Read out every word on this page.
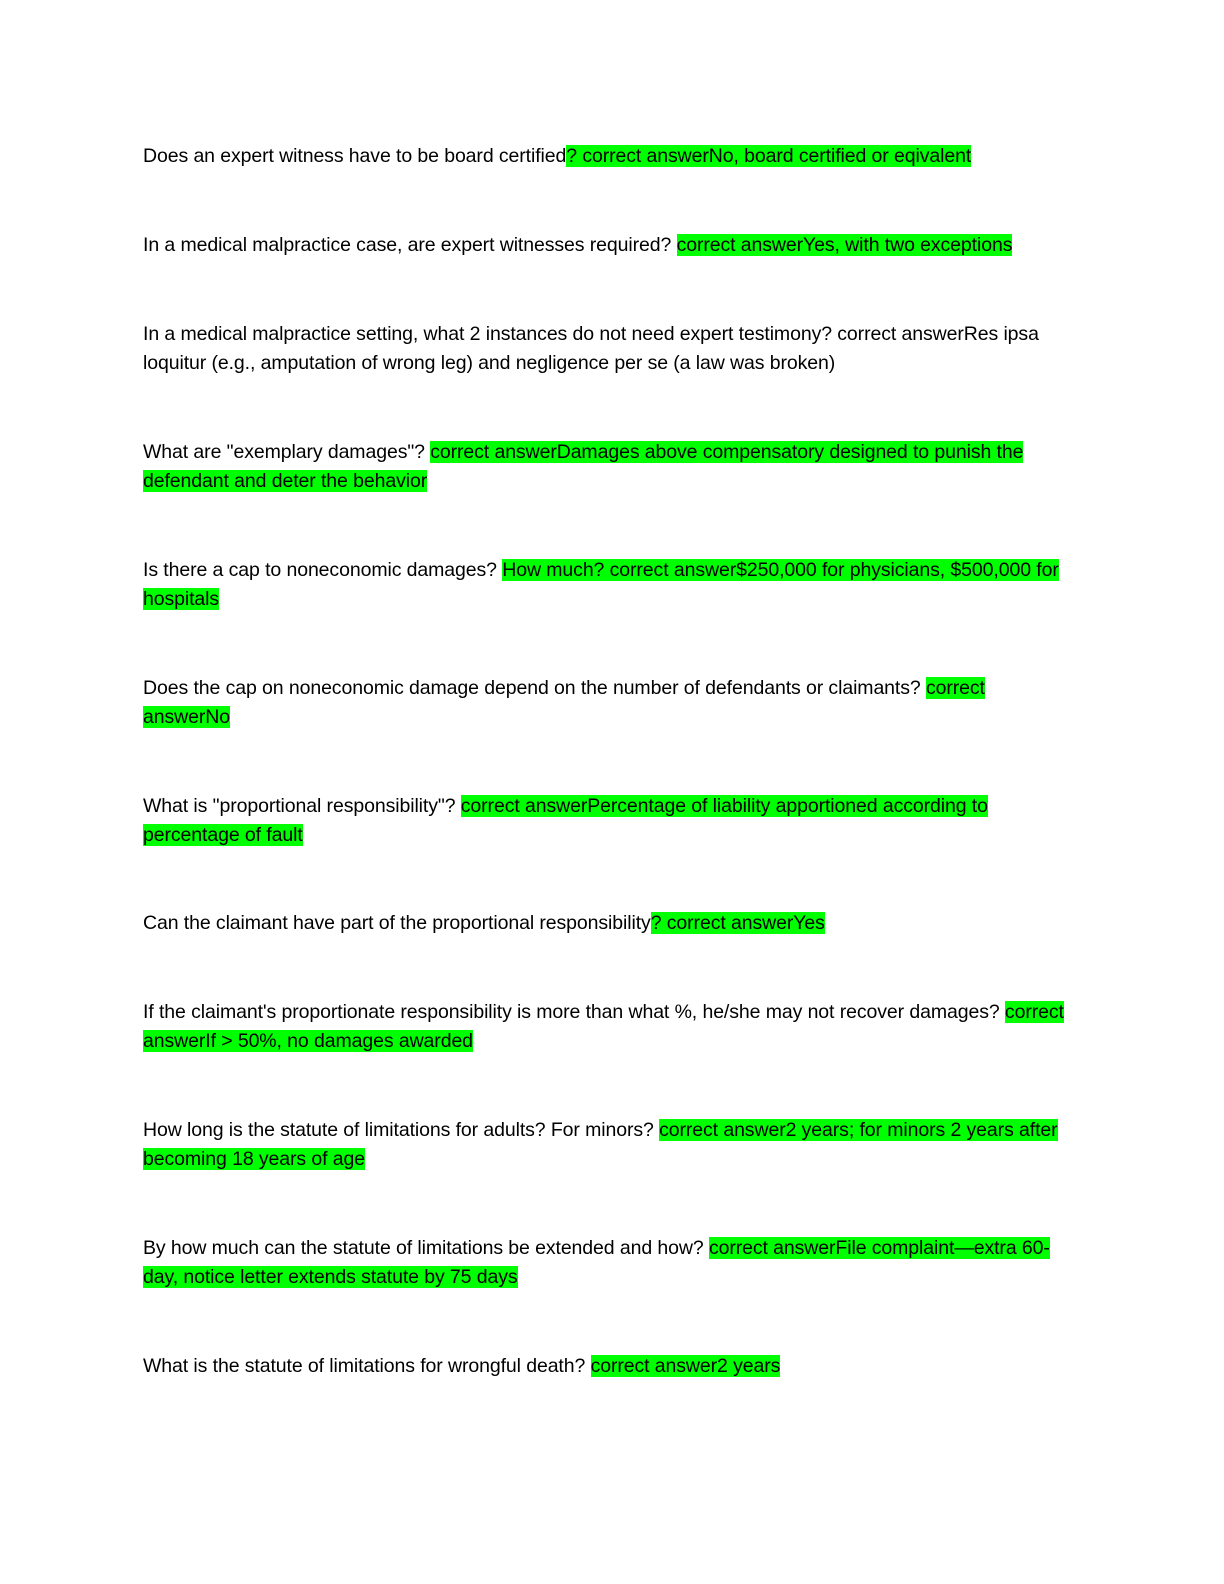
Does an expert witness have to be board certified? correct answerNo, board certified or eqivalent

In a medical malpractice case, are expert witnesses required? correct answerYes, with two exceptions

In a medical malpractice setting, what 2 instances do not need expert testimony? correct answerRes ipsa loquitur (e.g., amputation of wrong leg) and negligence per se (a law was broken)

What are "exemplary damages"? correct answerDamages above compensatory designed to punish the defendant and deter the behavior

Is there a cap to noneconomic damages? How much? correct answer$250,000 for physicians, $500,000 for hospitals

Does the cap on noneconomic damage depend on the number of defendants or claimants? correct answerNo

What is "proportional responsibility"? correct answerPercentage of liability apportioned according to percentage of fault

Can the claimant have part of the proportional responsibility? correct answerYes

If the claimant's proportionate responsibility is more than what %, he/she may not recover damages? correct answerIf > 50%, no damages awarded

How long is the statute of limitations for adults? For minors? correct answer2 years; for minors 2 years after becoming 18 years of age

By how much can the statute of limitations be extended and how? correct answerFile complaint—extra 60-day, notice letter extends statute by 75 days

What is the statute of limitations for wrongful death? correct answer2 years
